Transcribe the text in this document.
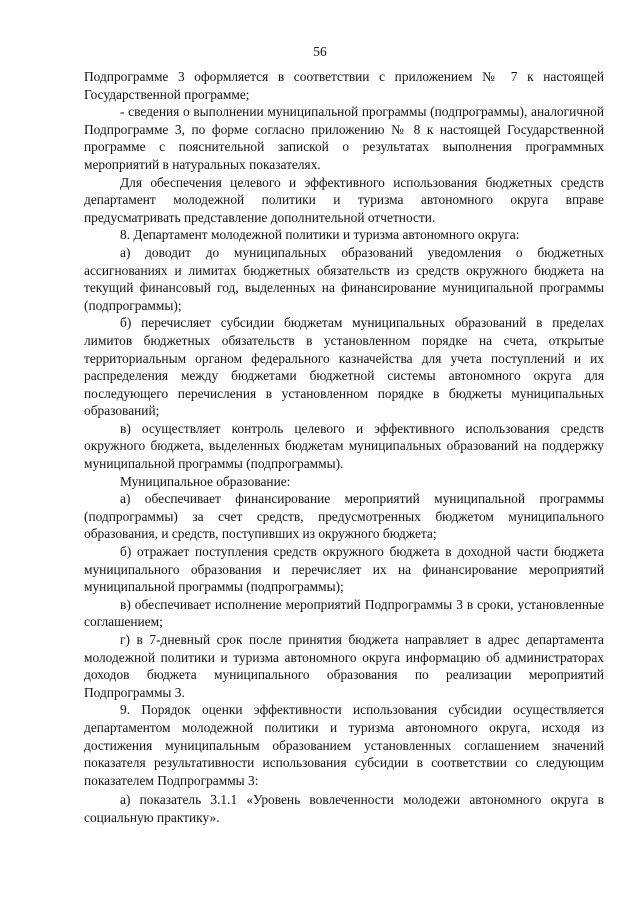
56

Подпрограмме 3 оформляется в соответствии с приложением № 7 к настоящей Государственной программе;

- сведения о выполнении муниципальной программы (подпрограммы), аналогичной Подпрограмме 3, по форме согласно приложению № 8 к настоящей Государственной программе с пояснительной запиской о результатах выполнения программных мероприятий в натуральных показателях.

Для обеспечения целевого и эффективного использования бюджетных средств департамент молодежной политики и туризма автономного округа вправе предусматривать представление дополнительной отчетности.

8. Департамент молодежной политики и туризма автономного округа:

а) доводит до муниципальных образований уведомления о бюджетных ассигнованиях и лимитах бюджетных обязательств из средств окружного бюджета на текущий финансовый год, выделенных на финансирование муниципальной программы (подпрограммы);

б) перечисляет субсидии бюджетам муниципальных образований в пределах лимитов бюджетных обязательств в установленном порядке на счета, открытые территориальным органом федерального казначейства для учета поступлений и их распределения между бюджетами бюджетной системы автономного округа для последующего перечисления в установленном порядке в бюджеты муниципальных образований;

в) осуществляет контроль целевого и эффективного использования средств окружного бюджета, выделенных бюджетам муниципальных образований на поддержку муниципальной программы (подпрограммы).

Муниципальное образование:

а) обеспечивает финансирование мероприятий муниципальной программы (подпрограммы) за счет средств, предусмотренных бюджетом муниципального образования, и средств, поступивших из окружного бюджета;

б) отражает поступления средств окружного бюджета в доходной части бюджета муниципального образования и перечисляет их на финансирование мероприятий муниципальной программы (подпрограммы);

в) обеспечивает исполнение мероприятий Подпрограммы 3 в сроки, установленные соглашением;

г) в 7-дневный срок после принятия бюджета направляет в адрес департамента молодежной политики и туризма автономного округа информацию об администраторах доходов бюджета муниципального образования по реализации мероприятий Подпрограммы 3.

9. Порядок оценки эффективности использования субсидии осуществляется департаментом молодежной политики и туризма автономного округа, исходя из достижения муниципальным образованием установленных соглашением значений показателя результативности использования субсидии в соответствии со следующим показателем Подпрограммы 3:

а) показатель 3.1.1 «Уровень вовлеченности молодежи автономного округа в социальную практику».
